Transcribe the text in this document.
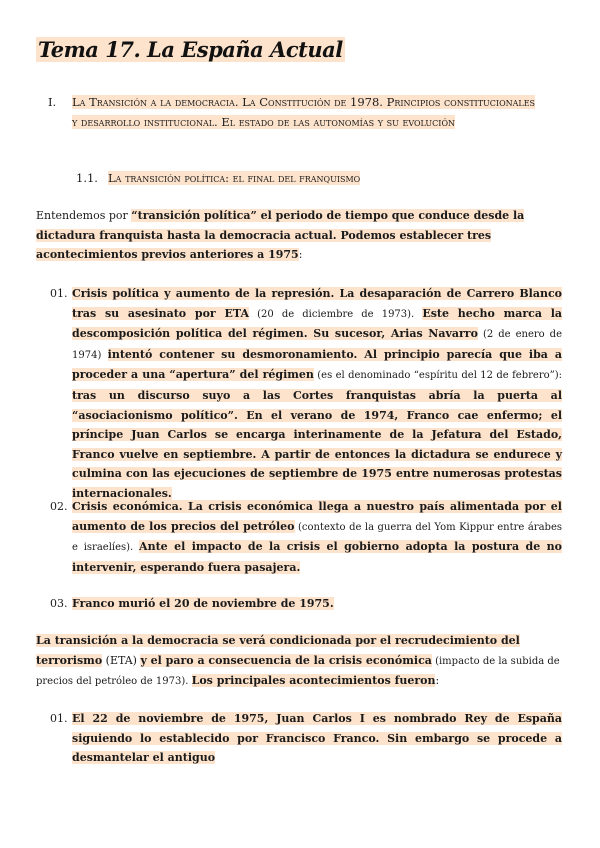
Tema 17. La España Actual
I. La Transición a la democracia. La Constitución de 1978. Principios constitucionales y desarrollo institucional. El estado de las autonomías y su evolución
1.1. La transición política: el final del franquismo
Entendemos por “transición política” el periodo de tiempo que conduce desde la dictadura franquista hasta la democracia actual. Podemos establecer tres acontecimientos previos anteriores a 1975:
01. Crisis política y aumento de la represión. La desaparación de Carrero Blanco tras su asesinato por ETA (20 de diciembre de 1973). Este hecho marca la descomposición política del régimen. Su sucesor, Arias Navarro (2 de enero de 1974) intentó contener su desmoronamiento. Al principio parecía que iba a proceder a una “apertura” del régimen (es el denominado “espíritu del 12 de febrero”): tras un discurso suyo a las Cortes franquistas abría la puerta al “asociacionismo político”. En el verano de 1974, Franco cae enfermo; el príncipe Juan Carlos se encarga interinamente de la Jefatura del Estado, Franco vuelve en septiembre. A partir de entonces la dictadura se endurece y culmina con las ejecuciones de septiembre de 1975 entre numerosas protestas internacionales.
02. Crisis económica. La crisis económica llega a nuestro país alimentada por el aumento de los precios del petróleo (contexto de la guerra del Yom Kippur entre árabes e israelíes). Ante el impacto de la crisis el gobierno adopta la postura de no intervenir, esperando fuera pasajera.
03. Franco murió el 20 de noviembre de 1975.
La transición a la democracia se verá condicionada por el recrudecimiento del terrorismo (ETA) y el paro a consecuencia de la crisis económica (impacto de la subida de precios del petróleo de 1973). Los principales acontecimientos fueron:
01. El 22 de noviembre de 1975, Juan Carlos I es nombrado Rey de España siguiendo lo establecido por Francisco Franco. Sin embargo se procede a desmantelar el antiguo
